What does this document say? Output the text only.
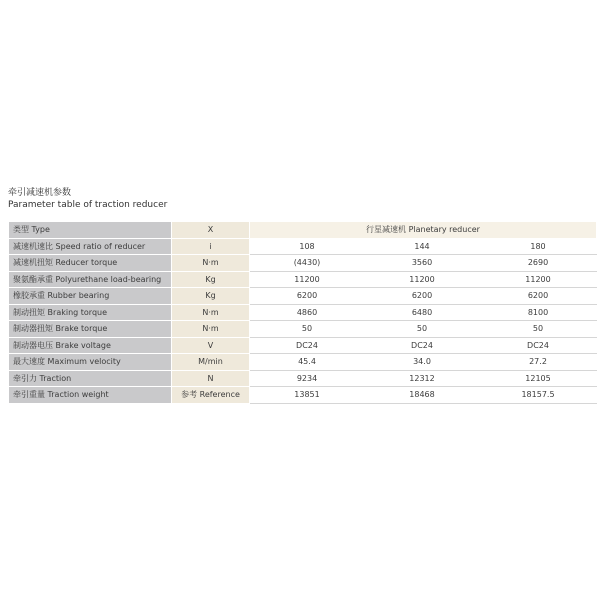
牵引减速机参数
Parameter table of traction reducer
类型 Type	X	行星减速机 Planetary reducer		
减速机速比 Speed ratio of reducer	i	108	144	180
减速机扭矩 Reducer torque	N·m	(4430)	3560	2690
聚氨酯承重 Polyurethane load-bearing	Kg	11200	11200	11200
橡胶承重 Rubber bearing	Kg	6200	6200	6200
制动扭矩 Braking torque	N·m	4860	6480	8100
制动器扭矩 Brake torque	N·m	50	50	50
制动器电压 Brake voltage	V	DC24	DC24	DC24
最大速度 Maximum velocity	M/min	45.4	34.0	27.2
牵引力 Traction	N	9234	12312	12105
牵引重量 Traction weight	参考 Reference	13851	18468	18157.5
